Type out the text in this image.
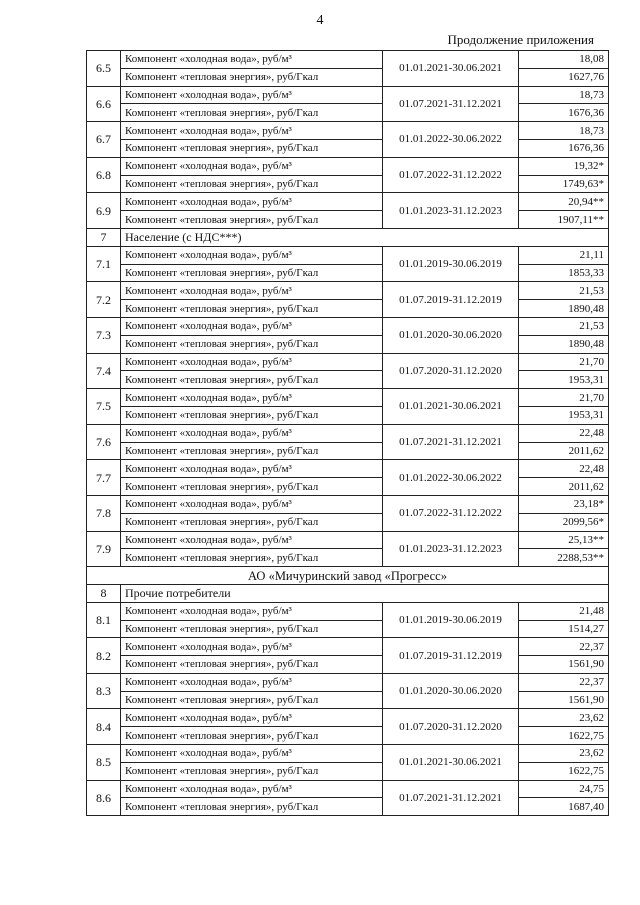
4
Продолжение приложения
6.5	Компонент «холодная вода», руб/м³	01.01.2021-30.06.2021	18,08
	Компонент «тепловая энергия», руб/Гкал		1627,76
6.6	Компонент «холодная вода», руб/м³	01.07.2021-31.12.2021	18,73
	Компонент «тепловая энергия», руб/Гкал		1676,36
6.7	Компонент «холодная вода», руб/м³	01.01.2022-30.06.2022	18,73
	Компонент «тепловая энергия», руб/Гкал		1676,36
6.8	Компонент «холодная вода», руб/м³	01.07.2022-31.12.2022	19,32*
	Компонент «тепловая энергия», руб/Гкал		1749,63*
6.9	Компонент «холодная вода», руб/м³	01.01.2023-31.12.2023	20,94**
	Компонент «тепловая энергия», руб/Гкал		1907,11**
7	Население (с НДС***)		
7.1	Компонент «холодная вода», руб/м³	01.01.2019-30.06.2019	21,11
	Компонент «тепловая энергия», руб/Гкал		1853,33
7.2	Компонент «холодная вода», руб/м³	01.07.2019-31.12.2019	21,53
	Компонент «тепловая энергия», руб/Гкал		1890,48
7.3	Компонент «холодная вода», руб/м³	01.01.2020-30.06.2020	21,53
	Компонент «тепловая энергия», руб/Гкал		1890,48
7.4	Компонент «холодная вода», руб/м³	01.07.2020-31.12.2020	21,70
	Компонент «тепловая энергия», руб/Гкал		1953,31
7.5	Компонент «холодная вода», руб/м³	01.01.2021-30.06.2021	21,70
	Компонент «тепловая энергия», руб/Гкал		1953,31
7.6	Компонент «холодная вода», руб/м³	01.07.2021-31.12.2021	22,48
	Компонент «тепловая энергия», руб/Гкал		2011,62
7.7	Компонент «холодная вода», руб/м³	01.01.2022-30.06.2022	22,48
	Компонент «тепловая энергия», руб/Гкал		2011,62
7.8	Компонент «холодная вода», руб/м³	01.07.2022-31.12.2022	23,18*
	Компонент «тепловая энергия», руб/Гкал		2099,56*
7.9	Компонент «холодная вода», руб/м³	01.01.2023-31.12.2023	25,13**
	Компонент «тепловая энергия», руб/Гкал		2288,53**
АО «Мичуринский завод «Прогресс»			
8	Прочие потребители		
8.1	Компонент «холодная вода», руб/м³	01.01.2019-30.06.2019	21,48
	Компонент «тепловая энергия», руб/Гкал		1514,27
8.2	Компонент «холодная вода», руб/м³	01.07.2019-31.12.2019	22,37
	Компонент «тепловая энергия», руб/Гкал		1561,90
8.3	Компонент «холодная вода», руб/м³	01.01.2020-30.06.2020	22,37
	Компонент «тепловая энергия», руб/Гкал		1561,90
8.4	Компонент «холодная вода», руб/м³	01.07.2020-31.12.2020	23,62
	Компонент «тепловая энергия», руб/Гкал		1622,75
8.5	Компонент «холодная вода», руб/м³	01.01.2021-30.06.2021	23,62
	Компонент «тепловая энергия», руб/Гкал		1622,75
8.6	Компонент «холодная вода», руб/м³	01.07.2021-31.12.2021	24,75
	Компонент «тепловая энергия», руб/Гкал		1687,40
